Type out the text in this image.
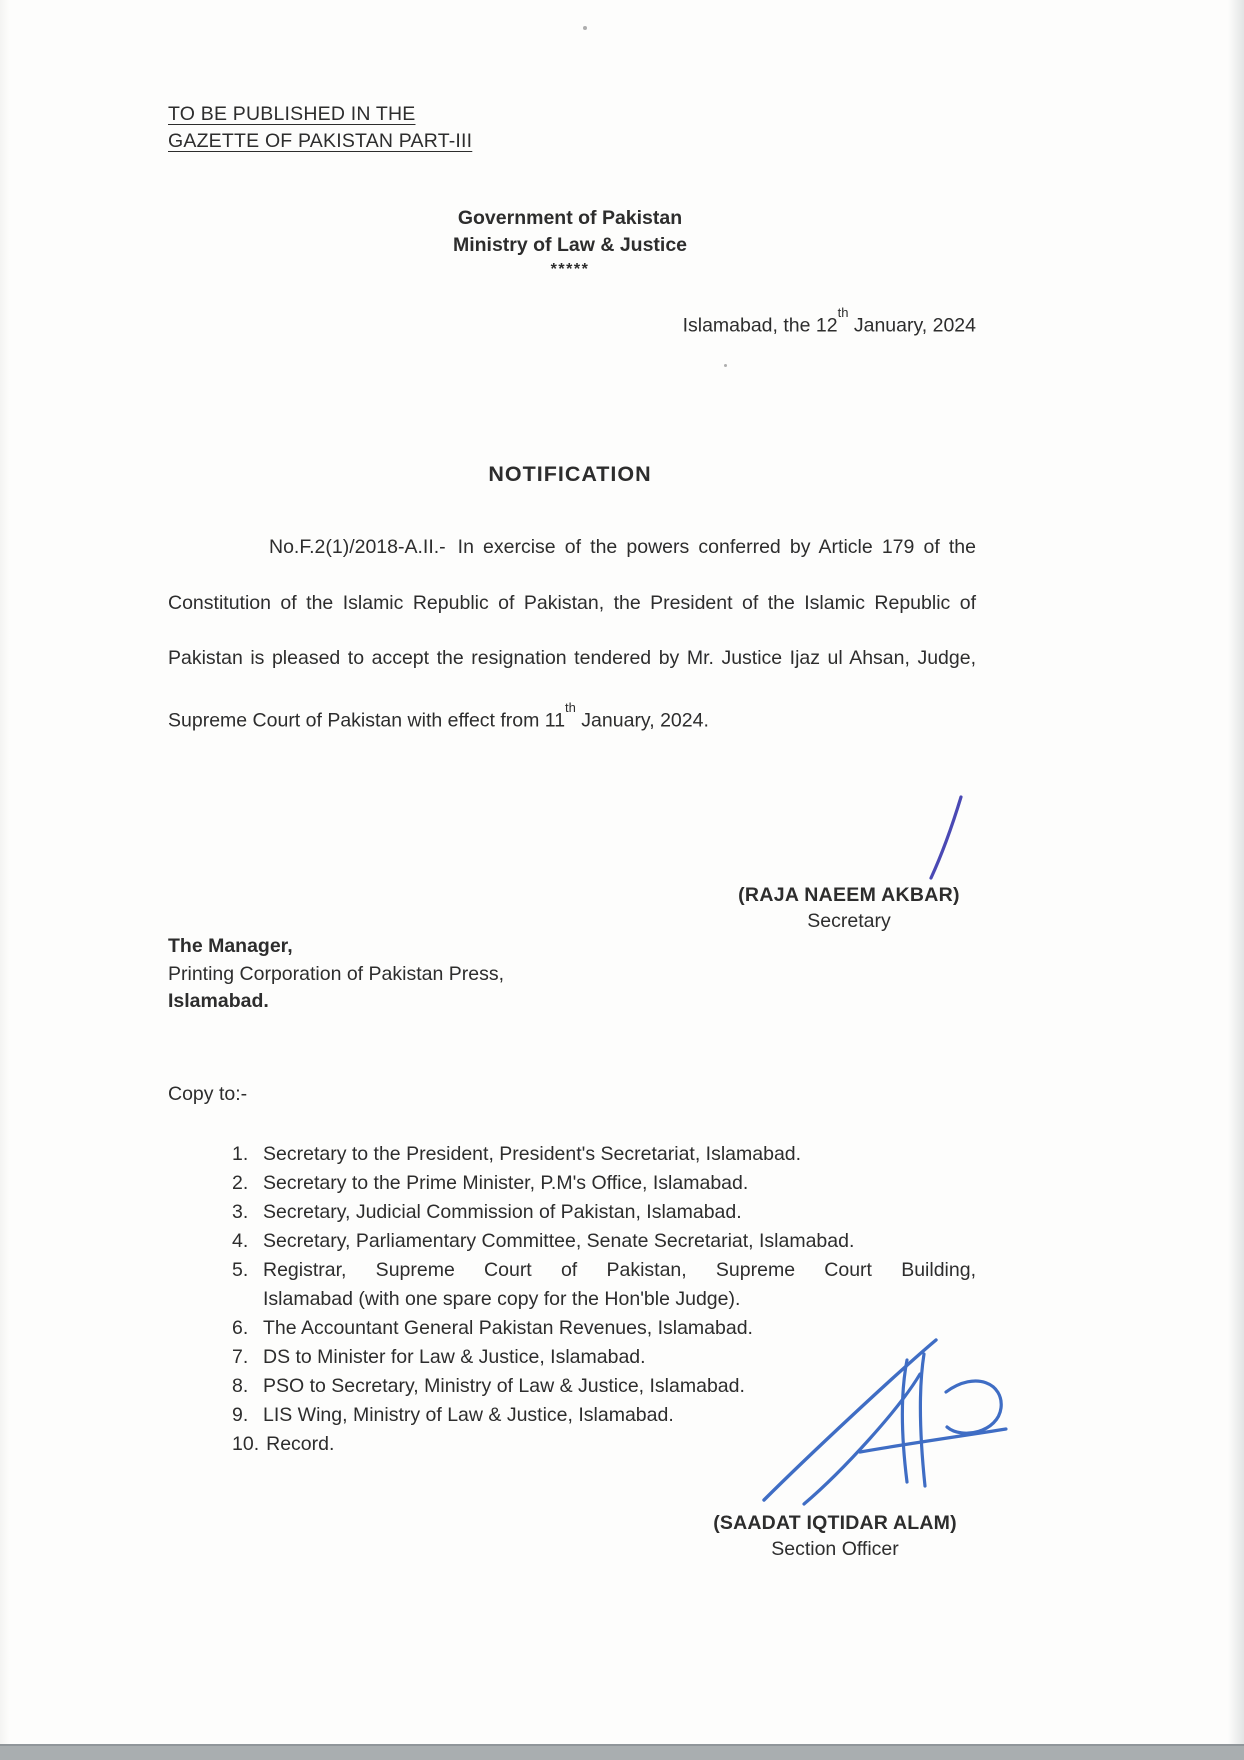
TO BE PUBLISHED IN THE
GAZETTE OF PAKISTAN PART-III
Government of Pakistan
Ministry of Law & Justice
*****
Islamabad, the 12th January, 2024
NOTIFICATION
No.F.2(1)/2018-A.II.- In exercise of the powers conferred by Article 179 of the Constitution of the Islamic Republic of Pakistan, the President of the Islamic Republic of Pakistan is pleased to accept the resignation tendered by Mr. Justice Ijaz ul Ahsan, Judge, Supreme Court of Pakistan with effect from 11th January, 2024.
(RAJA NAEEM AKBAR)
Secretary
The Manager,
Printing Corporation of Pakistan Press,
Islamabad.
Copy to:-
1. Secretary to the President, President's Secretariat, Islamabad.
2. Secretary to the Prime Minister, P.M's Office, Islamabad.
3. Secretary, Judicial Commission of Pakistan, Islamabad.
4. Secretary, Parliamentary Committee, Senate Secretariat, Islamabad.
5. Registrar, Supreme Court of Pakistan, Supreme Court Building,
Islamabad (with one spare copy for the Hon'ble Judge).
6. The Accountant General Pakistan Revenues, Islamabad.
7. DS to Minister for Law & Justice, Islamabad.
8. PSO to Secretary, Ministry of Law & Justice, Islamabad.
9. LIS Wing, Ministry of Law & Justice, Islamabad.
10. Record.
(SAADAT IQTIDAR ALAM)
Section Officer
